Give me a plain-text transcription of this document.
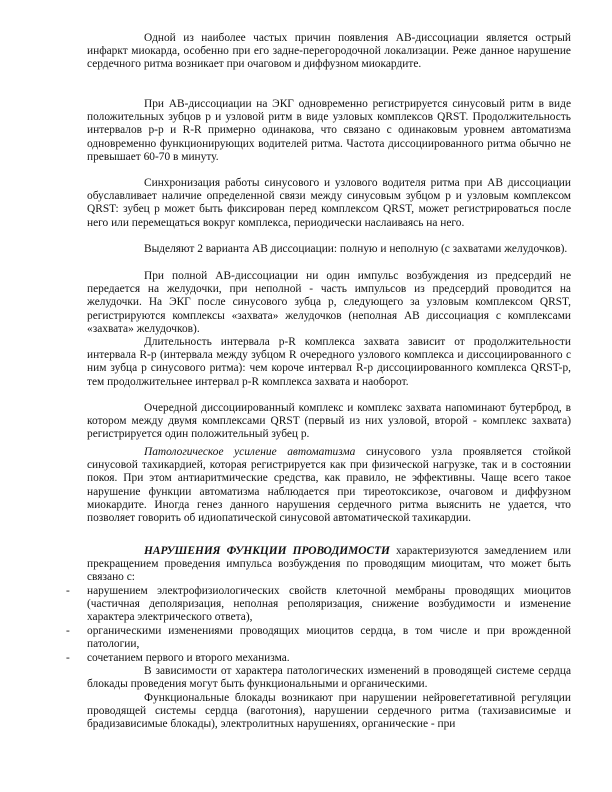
Одной из наиболее частых причин появления АВ-диссоциации является острый инфаркт миокарда, особенно при его задне-перегородочной локализации. Реже данное нарушение сердечного ритма возникает при очаговом и диффузном миокардите.

При АВ-диссоциации на ЭКГ одновременно регистрируется синусовый ритм в виде положительных зубцов р и узловой ритм в виде узловых комплексов QRST. Продолжительность интервалов р-р и R-R примерно одинакова, что связано с одинаковым уровнем автоматизма одновременно функционирующих водителей ритма. Частота диссоциированного ритма обычно не превышает 60-70 в минуту.

Синхронизация работы синусового и узлового водителя ритма при АВ диссоциации обуславливает наличие определенной связи между синусовым зубцом р и узловым комплексом QRST: зубец р может быть фиксирован перед комплексом QRST, может регистрироваться после него или перемещаться вокруг комплекса, периодически наслаиваясь на него.

Выделяют 2 варианта АВ диссоциации: полную и неполную (с захватами желудочков).

При полной АВ-диссоциации ни один импульс возбуждения из предсердий не передается на желудочки, при неполной - часть импульсов из предсердий проводится на желудочки. На ЭКГ после синусового зубца р, следующего за узловым комплексом QRST, регистрируются комплексы «захвата» желудочков (неполная АВ диссоциация с комплексами «захвата» желудочков).

Длительность интервала р-R комплекса захвата зависит от продолжительности интервала R-р (интервала между зубцом R очередного узлового комплекса и диссоциированного с ним зубца р синусового ритма): чем короче интервал R-р диссоциированного комплекса QRST-р, тем продолжительнее интервал р-R комплекса захвата и наоборот.

Очередной диссоциированный комплекс и комплекс захвата напоминают бутерброд, в котором между двумя комплексами QRST (первый из них узловой, второй - комплекс захвата) регистрируется один положительный зубец р.

Патологическое усиление автоматизма синусового узла проявляется стойкой синусовой тахикардией, которая регистрируется как при физической нагрузке, так и в состоянии покоя. При этом антиаритмические средства, как правило, не эффективны. Чаще всего такое нарушение функции автоматизма наблюдается при тиреотоксикозе, очаговом и диффузном миокардите. Иногда генез данного нарушения сердечного ритма выяснить не удается, что позволяет говорить об идиопатической синусовой автоматической тахикардии.

НАРУШЕНИЯ ФУНКЦИИ ПРОВОДИМОСТИ характеризуются замедлением или прекращением проведения импульса возбуждения по проводящим миоцитам, что может быть связано с:

- нарушением электрофизиологических свойств клеточной мембраны проводящих миоцитов (частичная деполяризация, неполная реполяризация, снижение возбудимости и изменение характера электрического ответа),
- органическими изменениями проводящих миоцитов сердца, в том числе и при врожденной патологии,
- сочетанием первого и второго механизма.

В зависимости от характера патологических изменений в проводящей системе сердца блокады проведения могут быть функциональными и органическими.

Функциональные блокады возникают при нарушении нейровегетативной регуляции проводящей системы сердца (ваготония), нарушении сердечного ритма (тахизависимые и брадизависимые блокады), электролитных нарушениях, органические - при
